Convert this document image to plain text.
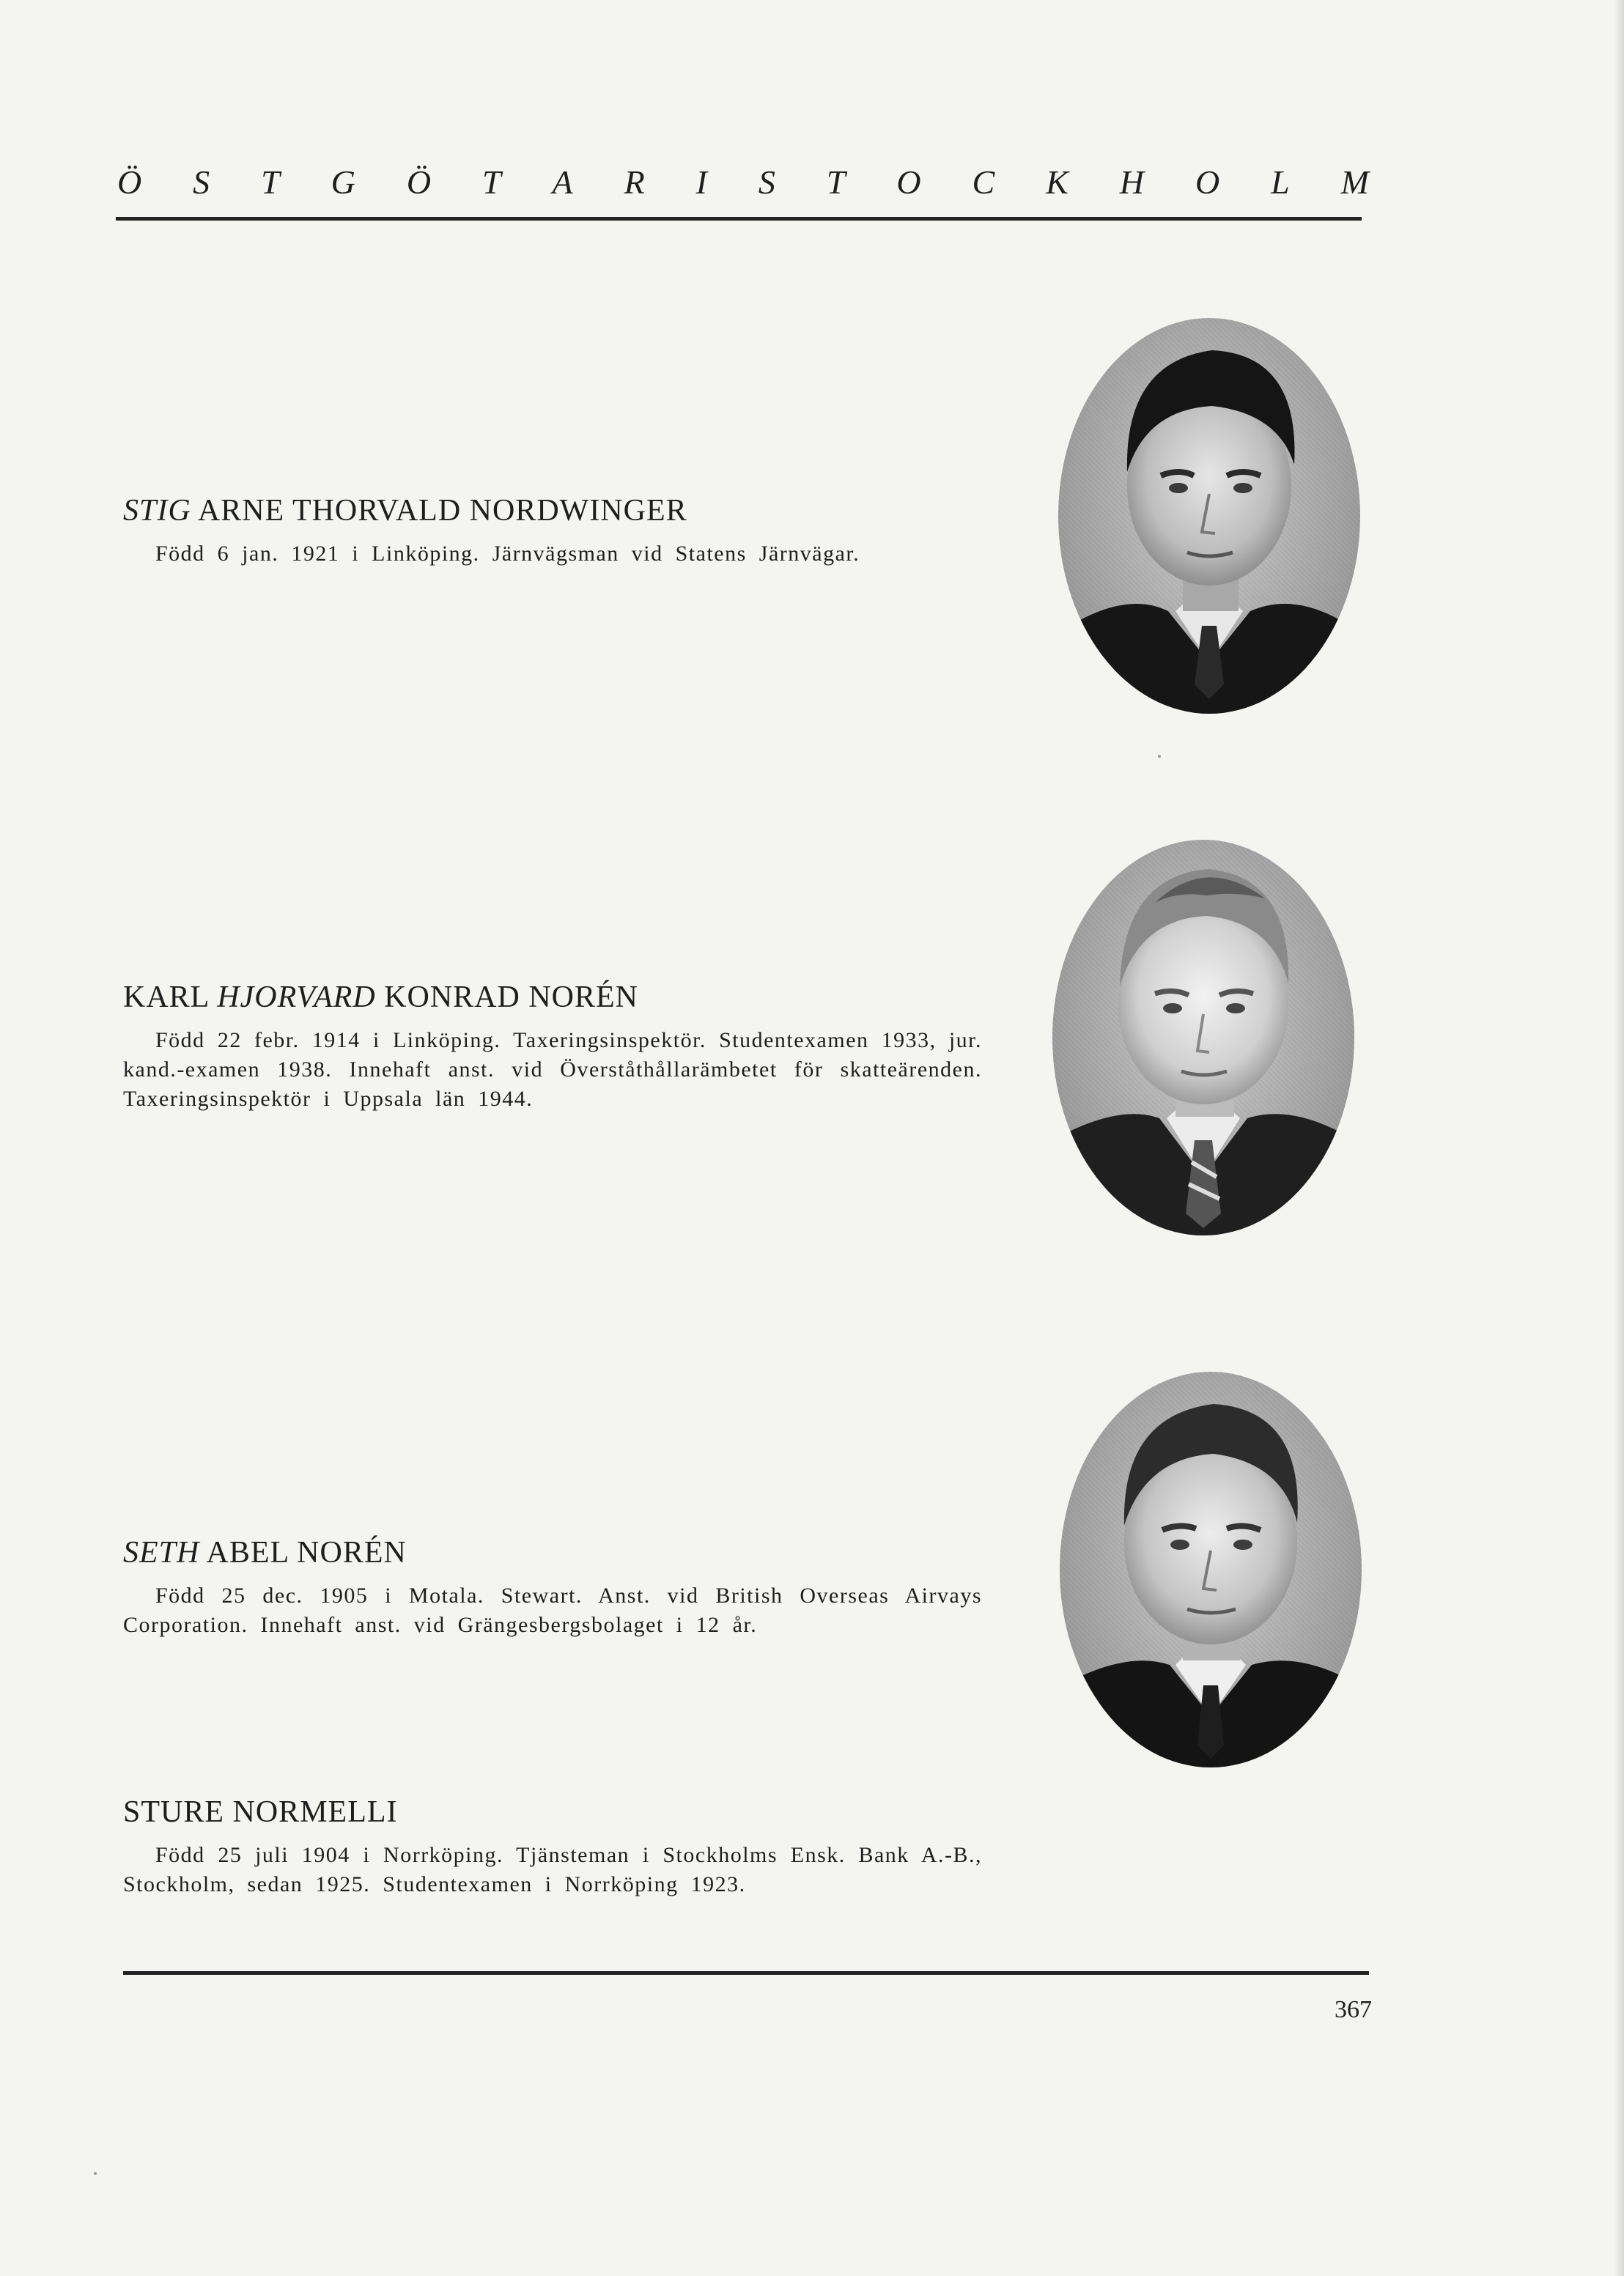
Ö S T G Ö T A R I S T O C K H O L M

STIG ARNE THORVALD NORDWINGER

Född 6 jan. 1921 i Linköping. Järnvägsman vid Statens Järnvägar.

KARL HJORVARD KONRAD NORÉN

Född 22 febr. 1914 i Linköping. Taxeringsinspektör. Studentexamen 1933, jur. kand.-examen 1938. Innehaft anst. vid Överståthållarämbetet för skatteärenden. Taxeringsinspektör i Uppsala län 1944.

SETH ABEL NORÉN

Född 25 dec. 1905 i Motala. Stewart. Anst. vid British Overseas Airvays Corporation. Innehaft anst. vid Grängesbergsbolaget i 12 år.

STURE NORMELLI

Född 25 juli 1904 i Norrköping. Tjänsteman i Stockholms Ensk. Bank A.-B., Stockholm, sedan 1925. Studentexamen i Norrköping 1923.

367
